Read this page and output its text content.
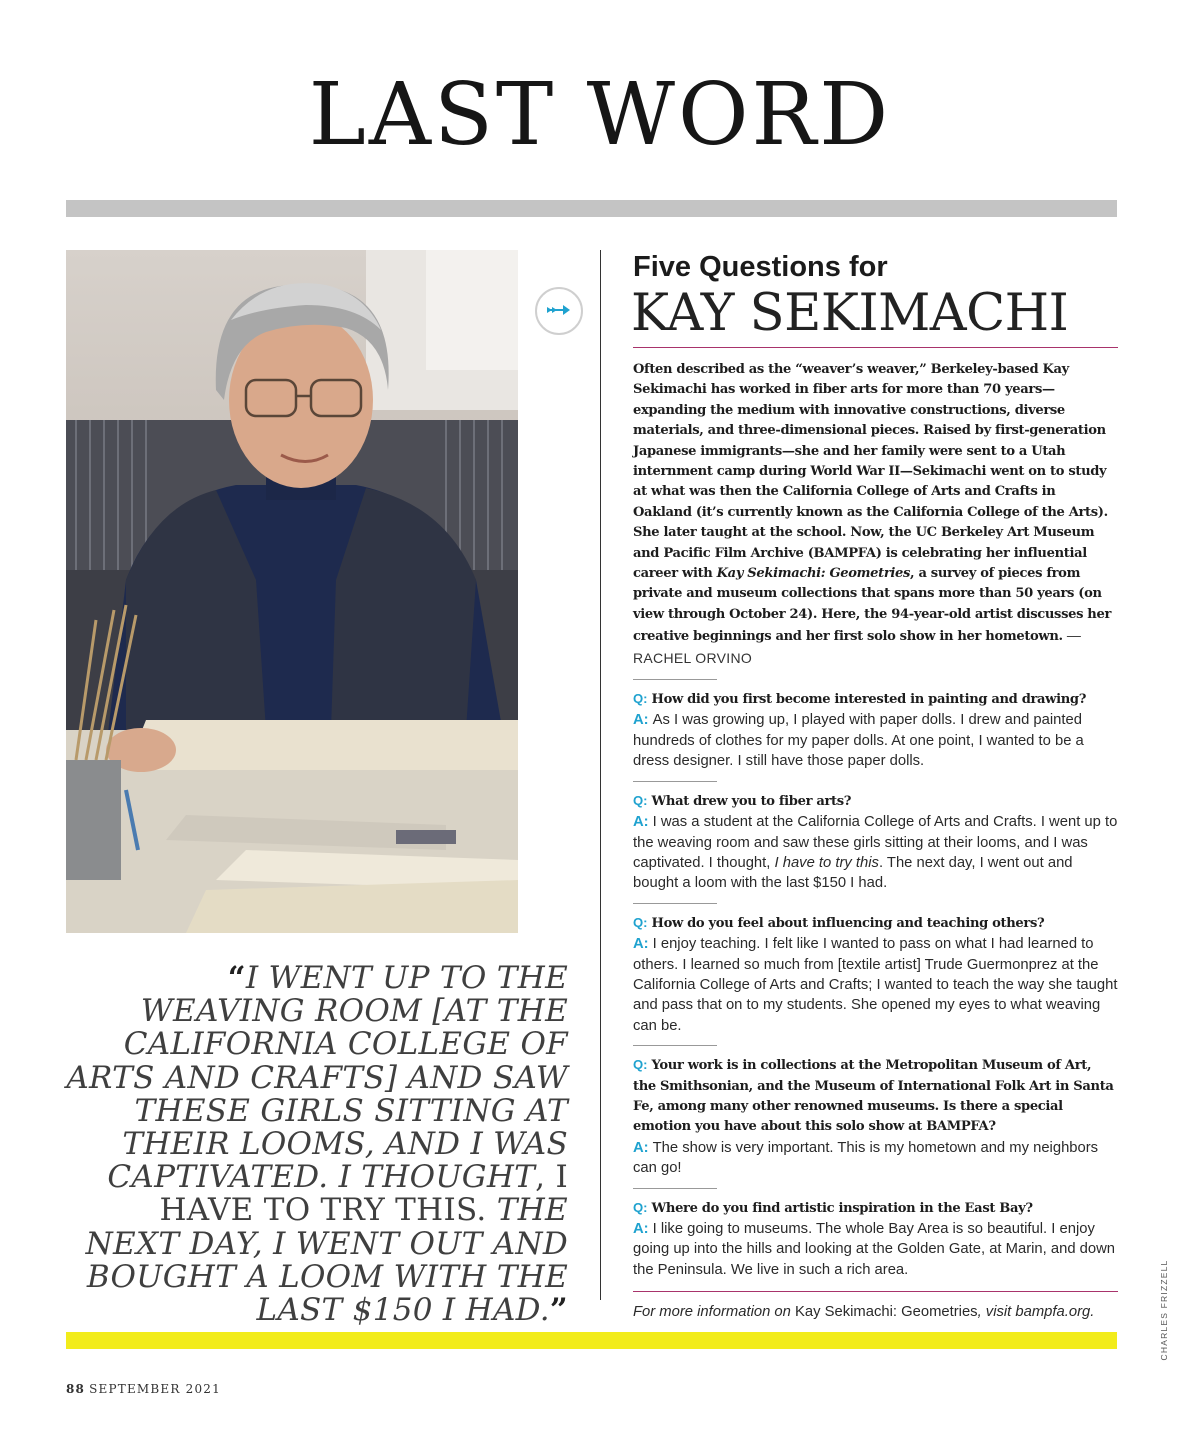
LAST WORD
“I WENT UP TO THE WEAVING ROOM [AT THE CALIFORNIA COLLEGE OF ARTS AND CRAFTS] AND SAW THESE GIRLS SITTING AT THEIR LOOMS, AND I WAS CAPTIVATED. I THOUGHT, I HAVE TO TRY THIS. THE NEXT DAY, I WENT OUT AND BOUGHT A LOOM WITH THE LAST $150 I HAD.”

Five Questions for

KAY SEKIMACHI

Often described as the “weaver’s weaver,” Berkeley-based Kay Sekimachi has worked in fiber arts for more than 70 years—expanding the medium with innovative constructions, diverse materials, and three-dimensional pieces. Raised by first-generation Japanese immigrants—she and her family were sent to a Utah internment camp during World War II—Sekimachi went on to study at what was then the California College of Arts and Crafts in Oakland (it’s currently known as the California College of the Arts). She later taught at the school. Now, the UC Berkeley Art Museum and Pacific Film Archive (BAMPFA) is celebrating her influential career with Kay Sekimachi: Geometries, a survey of pieces from private and museum collections that spans more than 50 years (on view through October 24). Here, the 94-year-old artist discusses her creative beginnings and her first solo show in her hometown. —RACHEL ORVINO

Q: How did you first become interested in painting and drawing?

A: As I was growing up, I played with paper dolls. I drew and painted hundreds of clothes for my paper dolls. At one point, I wanted to be a dress designer. I still have those paper dolls.

Q: What drew you to fiber arts?

A: I was a student at the California College of Arts and Crafts. I went up to the weaving room and saw these girls sitting at their looms, and I was captivated. I thought, I have to try this. The next day, I went out and bought a loom with the last $150 I had.

Q: How do you feel about influencing and teaching others?

A: I enjoy teaching. I felt like I wanted to pass on what I had learned to others. I learned so much from [textile artist] Trude Guermonprez at the California College of Arts and Crafts; I wanted to teach the way she taught and pass that on to my students. She opened my eyes to what weaving can be.

Q: Your work is in collections at the Metropolitan Museum of Art, the Smithsonian, and the Museum of International Folk Art in Santa Fe, among many other renowned museums. Is there a special emotion you have about this solo show at BAMPFA?

A: The show is very important. This is my hometown and my neighbors can go!

Q: Where do you find artistic inspiration in the East Bay?

A: I like going to museums. The whole Bay Area is so beautiful. I enjoy going up into the hills and looking at the Golden Gate, at Marin, and down the Peninsula. We live in such a rich area.

For more information on Kay Sekimachi: Geometries, visit bampfa.org.	CHARLES FRIZZELL
88 SEPTEMBER 2021
